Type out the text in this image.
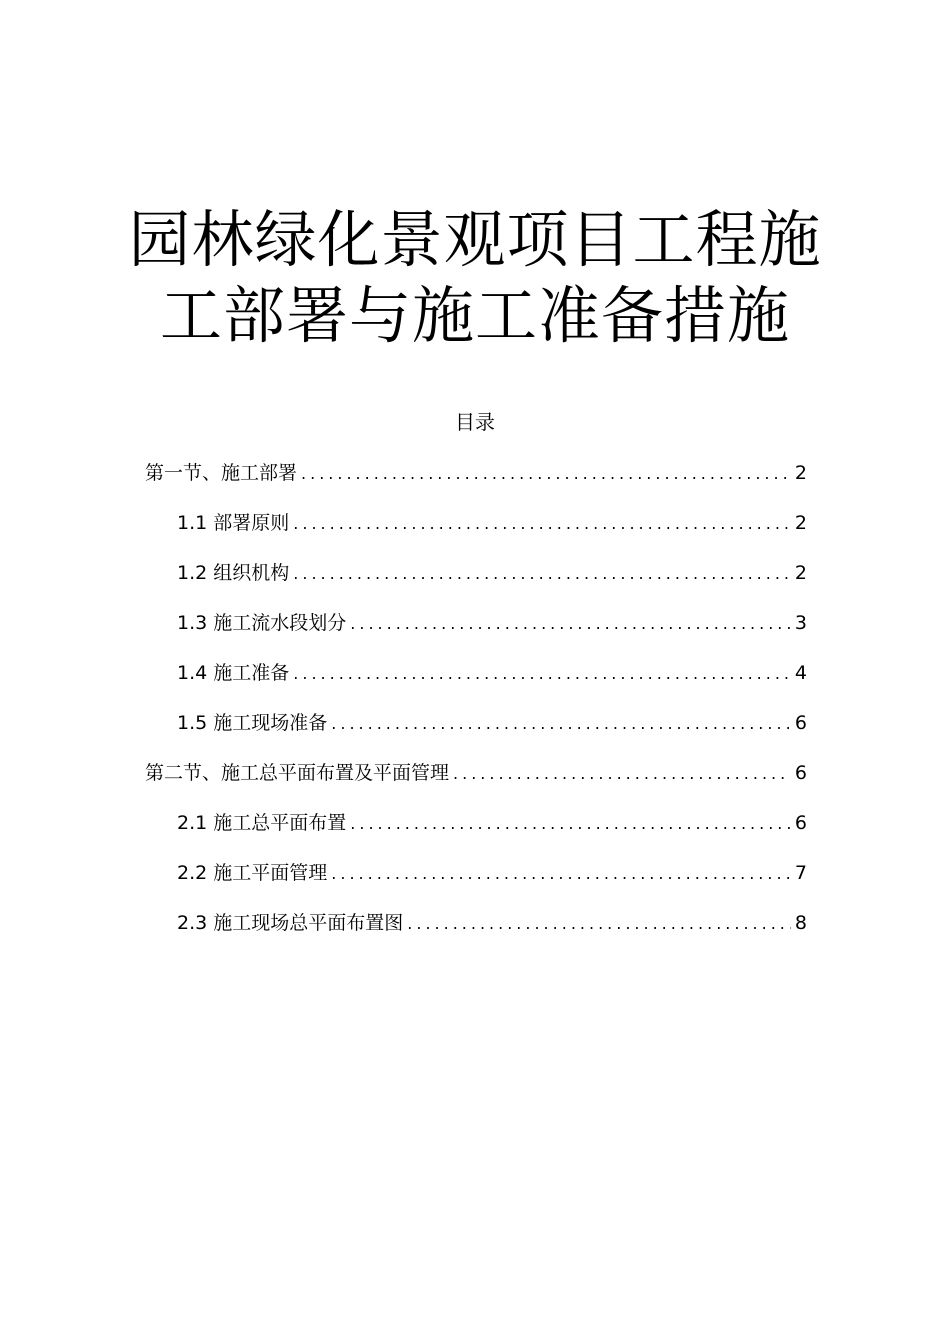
园林绿化景观项目工程施
工部署与施工准备措施
目录
第一节、施工部署 .....	2
1.1 部署原则 .....	2
1.2 组织机构 .....	2
1.3 施工流水段划分 .....	3
1.4 施工准备 .....	4
1.5 施工现场准备 .....	6
第二节、施工总平面布置及平面管理 .....	6
2.1 施工总平面布置 .....	6
2.2 施工平面管理 .....	7
2.3 施工现场总平面布置图 .....	8
